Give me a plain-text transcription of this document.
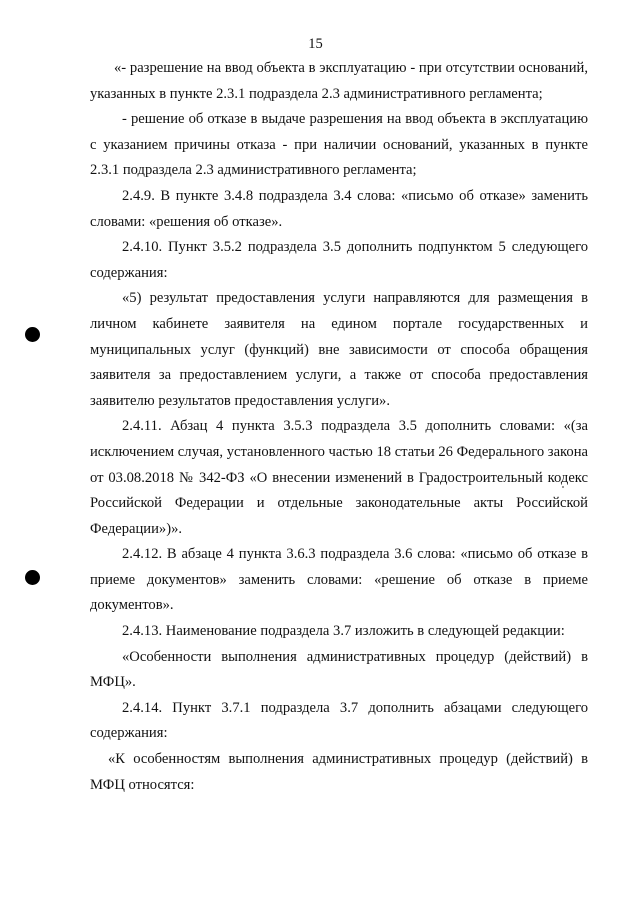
15

«- разрешение на ввод объекта в эксплуатацию - при отсутствии оснований, указанных в пункте 2.3.1 подраздела 2.3 административного регламента;

- решение об отказе в выдаче разрешения на ввод объекта в эксплуатацию с указанием причины отказа - при наличии оснований, указанных в пункте 2.3.1 подраздела 2.3 административного регламента;

2.4.9. В пункте 3.4.8 подраздела 3.4 слова: «письмо об отказе» заменить словами: «решения об отказе».

2.4.10. Пункт 3.5.2 подраздела 3.5 дополнить подпунктом 5 следующего содержания:

«5) результат предоставления услуги направляются для размещения в личном кабинете заявителя на едином портале государственных и муниципальных услуг (функций) вне зависимости от способа обращения заявителя за предоставлением услуги, а также от способа предоставления заявителю результатов предоставления услуги».

2.4.11. Абзац 4 пункта 3.5.3 подраздела 3.5 дополнить словами: «(за исключением случая, установленного частью 18 статьи 26 Федерального закона от 03.08.2018 № 342-ФЗ «О внесении изменений в Градостроительный кодекс Российской Федерации и отдельные законодательные акты Российской Федерации»)».

2.4.12. В абзаце 4 пункта 3.6.3 подраздела 3.6 слова: «письмо об отказе в приеме документов» заменить словами: «решение об отказе в приеме документов».

2.4.13. Наименование подраздела 3.7 изложить в следующей редакции:

«Особенности выполнения административных процедур (действий) в МФЦ».

2.4.14. Пункт 3.7.1 подраздела 3.7 дополнить абзацами следующего содержания:

«К особенностям выполнения административных процедур (действий) в МФЦ относятся:
